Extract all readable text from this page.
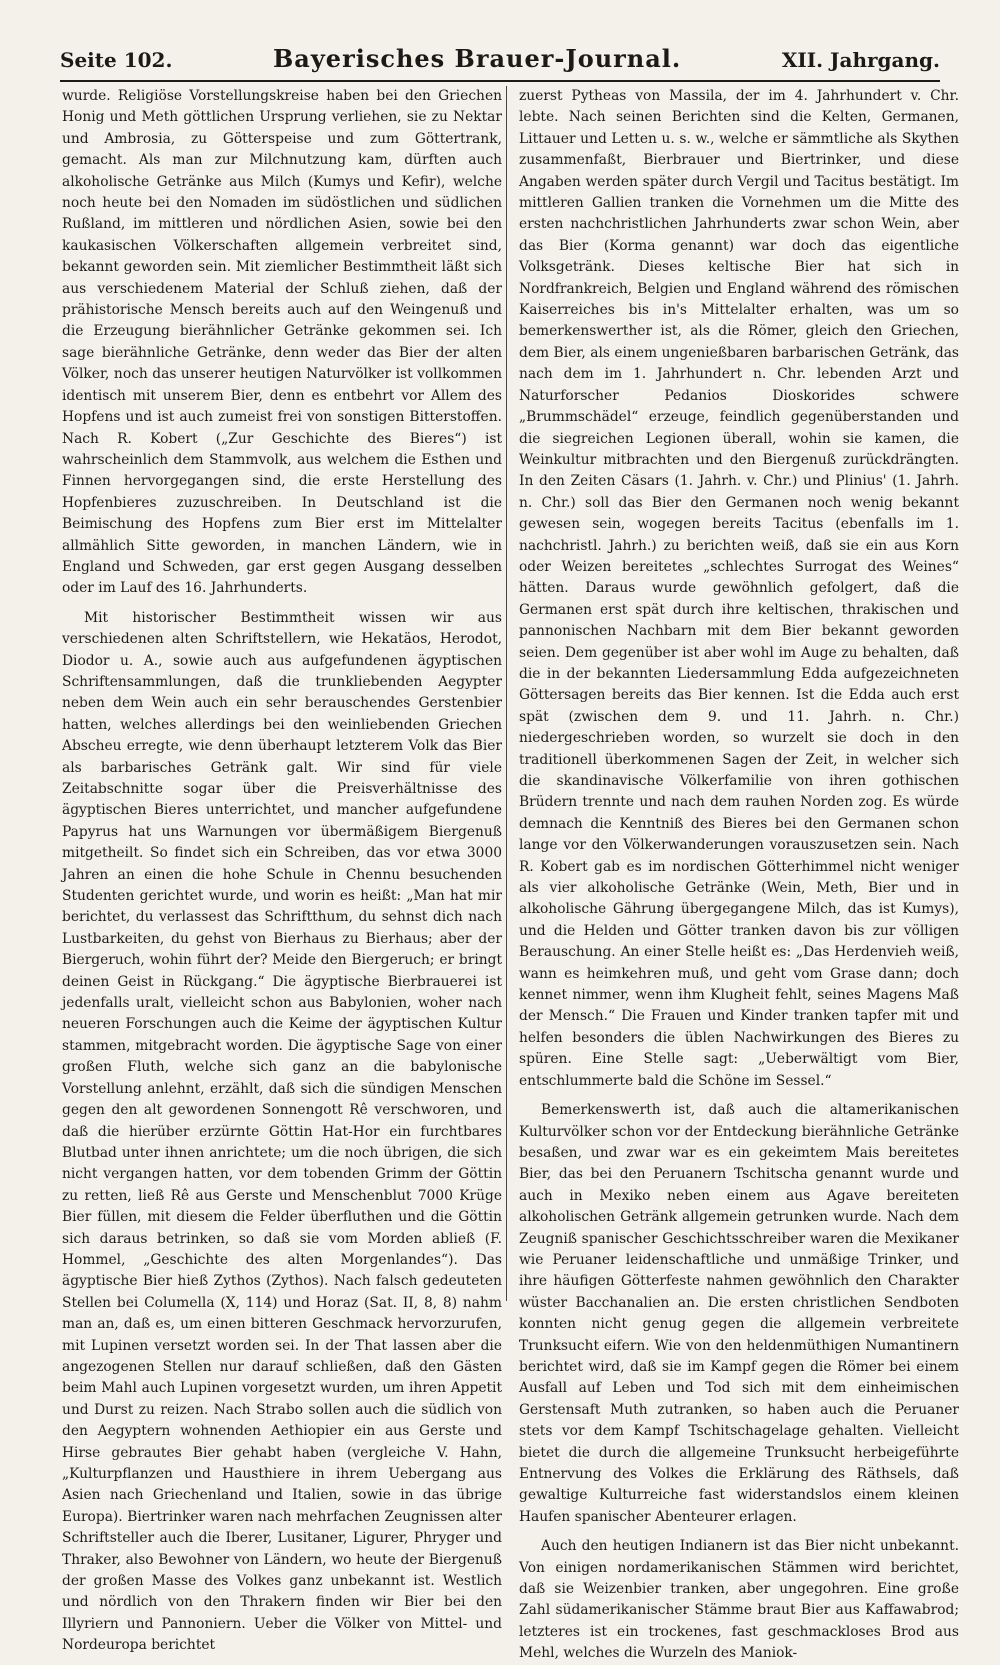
Seite 102.	Bayerisches Brauer-Journal.	XII. Jahrgang.

wurde. Religiöse Vorstellungskreise haben bei den Griechen Honig und Meth göttlichen Ursprung verliehen, sie zu Nektar und Ambrosia, zu Götterspeise und zum Göttertrank, gemacht. Als man zur Milchnutzung kam, dürften auch alkoholische Getränke aus Milch (Kumys und Kefir), welche noch heute bei den Nomaden im südöstlichen und südlichen Rußland, im mittleren und nördlichen Asien, sowie bei den kaukasischen Völkerschaften allgemein verbreitet sind, bekannt geworden sein. Mit ziemlicher Bestimmtheit läßt sich aus verschiedenem Material der Schluß ziehen, daß der prähistorische Mensch bereits auch auf den Weingenuß und die Erzeugung bierähnlicher Getränke gekommen sei. Ich sage bierähnliche Getränke, denn weder das Bier der alten Völker, noch das unserer heutigen Naturvölker ist vollkommen identisch mit unserem Bier, denn es entbehrt vor Allem des Hopfens und ist auch zumeist frei von sonstigen Bitterstoffen. Nach R. Kobert („Zur Geschichte des Bieres“) ist wahrscheinlich dem Stammvolk, aus welchem die Esthen und Finnen hervorgegangen sind, die erste Herstellung des Hopfenbieres zuzuschreiben. In Deutschland ist die Beimischung des Hopfens zum Bier erst im Mittelalter allmählich Sitte geworden, in manchen Ländern, wie in England und Schweden, gar erst gegen Ausgang desselben oder im Lauf des 16. Jahrhunderts.

Mit historischer Bestimmtheit wissen wir aus verschiedenen alten Schriftstellern, wie Hekatäos, Herodot, Diodor u. A., sowie auch aus aufgefundenen ägyptischen Schriftensammlungen, daß die trunkliebenden Aegypter neben dem Wein auch ein sehr berauschendes Gerstenbier hatten, welches allerdings bei den weinliebenden Griechen Abscheu erregte, wie denn überhaupt letzterem Volk das Bier als barbarisches Getränk galt. Wir sind für viele Zeitabschnitte sogar über die Preisverhältnisse des ägyptischen Bieres unterrichtet, und mancher aufgefundene Papyrus hat uns Warnungen vor übermäßigem Biergenuß mitgetheilt. So findet sich ein Schreiben, das vor etwa 3000 Jahren an einen die hohe Schule in Chennu besuchenden Studenten gerichtet wurde, und worin es heißt: „Man hat mir berichtet, du verlassest das Schriftthum, du sehnst dich nach Lustbarkeiten, du gehst von Bierhaus zu Bierhaus; aber der Biergeruch, wohin führt der? Meide den Biergeruch; er bringt deinen Geist in Rückgang.“ Die ägyptische Bierbrauerei ist jedenfalls uralt, vielleicht schon aus Babylonien, woher nach neueren Forschungen auch die Keime der ägyptischen Kultur stammen, mitgebracht worden. Die ägyptische Sage von einer großen Fluth, welche sich ganz an die babylonische Vorstellung anlehnt, erzählt, daß sich die sündigen Menschen gegen den alt gewordenen Sonnengott Rê verschworen, und daß die hierüber erzürnte Göttin Hat-Hor ein furchtbares Blutbad unter ihnen anrichtete; um die noch übrigen, die sich nicht vergangen hatten, vor dem tobenden Grimm der Göttin zu retten, ließ Rê aus Gerste und Menschenblut 7000 Krüge Bier füllen, mit diesem die Felder überfluthen und die Göttin sich daraus betrinken, so daß sie vom Morden abließ (F. Hommel, „Geschichte des alten Morgenlandes“). Das ägyptische Bier hieß Zythos (Zythos). Nach falsch gedeuteten Stellen bei Columella (X, 114) und Horaz (Sat. II, 8, 8) nahm man an, daß es, um einen bitteren Geschmack hervorzurufen, mit Lupinen versetzt worden sei. In der That lassen aber die angezogenen Stellen nur darauf schließen, daß den Gästen beim Mahl auch Lupinen vorgesetzt wurden, um ihren Appetit und Durst zu reizen. Nach Strabo sollen auch die südlich von den Aegyptern wohnenden Aethiopier ein aus Gerste und Hirse gebrautes Bier gehabt haben (vergleiche V. Hahn, „Kulturpflanzen und Hausthiere in ihrem Uebergang aus Asien nach Griechenland und Italien, sowie in das übrige Europa). Biertrinker waren nach mehrfachen Zeugnissen alter Schriftsteller auch die Iberer, Lusitaner, Ligurer, Phryger und Thraker, also Bewohner von Ländern, wo heute der Biergenuß der großen Masse des Volkes ganz unbekannt ist. Westlich und nördlich von den Thrakern finden wir Bier bei den Illyriern und Pannoniern. Ueber die Völker von Mittel- und Nordeuropa berichtet

zuerst Pytheas von Massila, der im 4. Jahrhundert v. Chr. lebte. Nach seinen Berichten sind die Kelten, Germanen, Littauer und Letten u. s. w., welche er sämmtliche als Skythen zusammenfaßt, Bierbrauer und Biertrinker, und diese Angaben werden später durch Vergil und Tacitus bestätigt. Im mittleren Gallien tranken die Vornehmen um die Mitte des ersten nachchristlichen Jahrhunderts zwar schon Wein, aber das Bier (Korma genannt) war doch das eigentliche Volksgetränk. Dieses keltische Bier hat sich in Nordfrankreich, Belgien und England während des römischen Kaiserreiches bis in's Mittelalter erhalten, was um so bemerkenswerther ist, als die Römer, gleich den Griechen, dem Bier, als einem ungenießbaren barbarischen Getränk, das nach dem im 1. Jahrhundert n. Chr. lebenden Arzt und Naturforscher Pedanios Dioskorides schwere „Brummschädel“ erzeuge, feindlich gegenüberstanden und die siegreichen Legionen überall, wohin sie kamen, die Weinkultur mitbrachten und den Biergenuß zurückdrängten. In den Zeiten Cäsars (1. Jahrh. v. Chr.) und Plinius' (1. Jahrh. n. Chr.) soll das Bier den Germanen noch wenig bekannt gewesen sein, wogegen bereits Tacitus (ebenfalls im 1. nachchristl. Jahrh.) zu berichten weiß, daß sie ein aus Korn oder Weizen bereitetes „schlechtes Surrogat des Weines“ hätten. Daraus wurde gewöhnlich gefolgert, daß die Germanen erst spät durch ihre keltischen, thrakischen und pannonischen Nachbarn mit dem Bier bekannt geworden seien. Dem gegenüber ist aber wohl im Auge zu behalten, daß die in der bekannten Liedersammlung Edda aufgezeichneten Göttersagen bereits das Bier kennen. Ist die Edda auch erst spät (zwischen dem 9. und 11. Jahrh. n. Chr.) niedergeschrieben worden, so wurzelt sie doch in den traditionell überkommenen Sagen der Zeit, in welcher sich die skandinavische Völkerfamilie von ihren gothischen Brüdern trennte und nach dem rauhen Norden zog. Es würde demnach die Kenntniß des Bieres bei den Germanen schon lange vor den Völkerwanderungen vorauszusetzen sein. Nach R. Kobert gab es im nordischen Götterhimmel nicht weniger als vier alkoholische Getränke (Wein, Meth, Bier und in alkoholische Gährung übergegangene Milch, das ist Kumys), und die Helden und Götter tranken davon bis zur völligen Berauschung. An einer Stelle heißt es: „Das Herdenvieh weiß, wann es heimkehren muß, und geht vom Grase dann; doch kennet nimmer, wenn ihm Klugheit fehlt, seines Magens Maß der Mensch.“ Die Frauen und Kinder tranken tapfer mit und helfen besonders die üblen Nachwirkungen des Bieres zu spüren. Eine Stelle sagt: „Ueberwältigt vom Bier, entschlummerte bald die Schöne im Sessel.“

Bemerkenswerth ist, daß auch die altamerikanischen Kulturvölker schon vor der Entdeckung bierähnliche Getränke besaßen, und zwar war es ein gekeimtem Mais bereitetes Bier, das bei den Peruanern Tschitscha genannt wurde und auch in Mexiko neben einem aus Agave bereiteten alkoholischen Getränk allgemein getrunken wurde. Nach dem Zeugniß spanischer Geschichtsschreiber waren die Mexikaner wie Peruaner leidenschaftliche und unmäßige Trinker, und ihre häufigen Götterfeste nahmen gewöhnlich den Charakter wüster Bacchanalien an. Die ersten christlichen Sendboten konnten nicht genug gegen die allgemein verbreitete Trunksucht eifern. Wie von den heldenmüthigen Numantinern berichtet wird, daß sie im Kampf gegen die Römer bei einem Ausfall auf Leben und Tod sich mit dem einheimischen Gerstensaft Muth zutranken, so haben auch die Peruaner stets vor dem Kampf Tschitschagelage gehalten. Vielleicht bietet die durch die allgemeine Trunksucht herbeigeführte Entnervung des Volkes die Erklärung des Räthsels, daß gewaltige Kulturreiche fast widerstandslos einem kleinen Haufen spanischer Abenteurer erlagen.

Auch den heutigen Indianern ist das Bier nicht unbekannt. Von einigen nordamerikanischen Stämmen wird berichtet, daß sie Weizenbier tranken, aber ungegohren. Eine große Zahl südamerikanischer Stämme braut Bier aus Kaffawabrod; letzteres ist ein trockenes, fast geschmackloses Brod aus Mehl, welches die Wurzeln des Maniok-
